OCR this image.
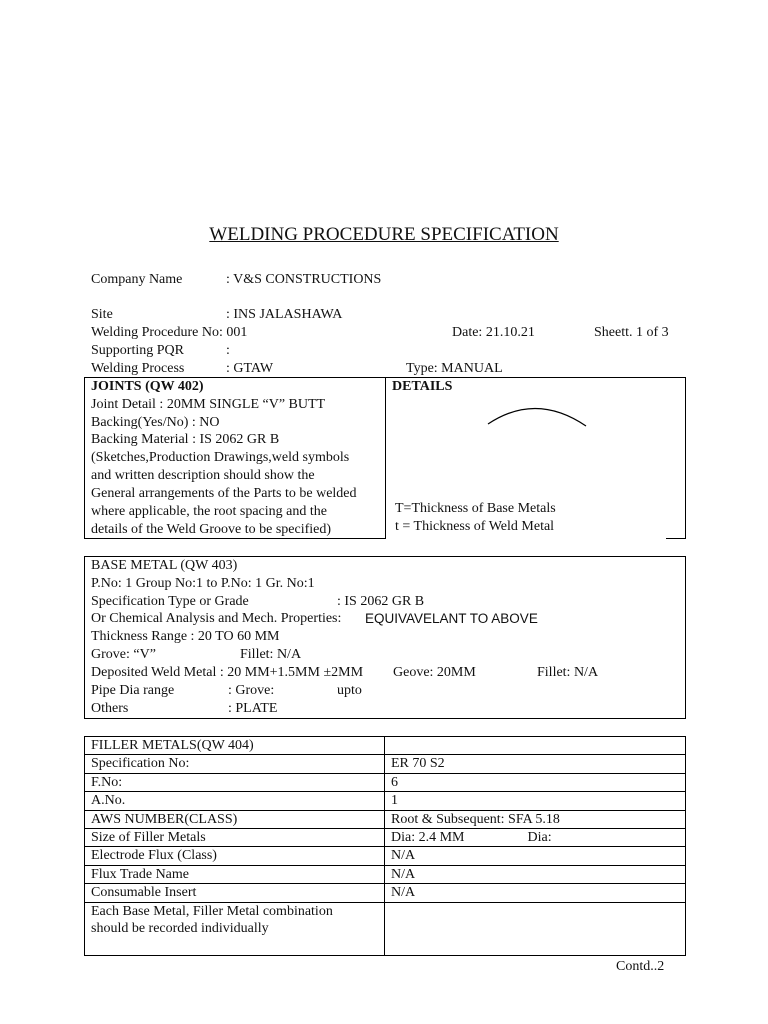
WELDING PROCEDURE SPECIFICATION
Company Name	: V&S CONSTRUCTIONS
Site	: INS JALASHAWA
Welding Procedure No: 001	Date: 21.10.21	Sheett. 1 of 3
Supporting PQR	:
Welding Process	: GTAW	Type: MANUAL
JOINTS (QW 402)
Joint Detail : 20MM SINGLE “V” BUTT
Backing(Yes/No) : NO
Backing Material : IS 2062 GR B
(Sketches,Production Drawings,weld symbols
and written description should show the
General arrangements of the Parts to be welded
where applicable, the root spacing and the
details of the Weld Groove to be specified)
DETAILS
T=Thickness of Base Metals
t = Thickness of Weld Metal
BASE METAL (QW 403)
P.No: 1 Group No:1 to P.No: 1 Gr. No:1
Specification Type or Grade	: IS 2062 GR B
Or Chemical Analysis and Mech. Properties: EQUIVAVELANT TO ABOVE
Thickness Range : 20 TO 60 MM
Grove: “V”	Fillet: N/A
Deposited Weld Metal : 20 MM+1.5MM ±2MM Geove: 20MM	Fillet: N/A
Pipe Dia range	: Grove:	upto
Others	: PLATE
FILLER METALS(QW 404)	
Specification No:	ER 70 S2
F.No:	6
A.No.	1
AWS NUMBER(CLASS)	Root & Subsequent: SFA 5.18
Size of Filler Metals	Dia: 2.4 MM                  Dia:
Electrode Flux (Class)	N/A
Flux Trade Name	N/A
Consumable Insert	N/A

Each Base Metal, Filler Metal combination
should be recorded individually	

Contd..2
